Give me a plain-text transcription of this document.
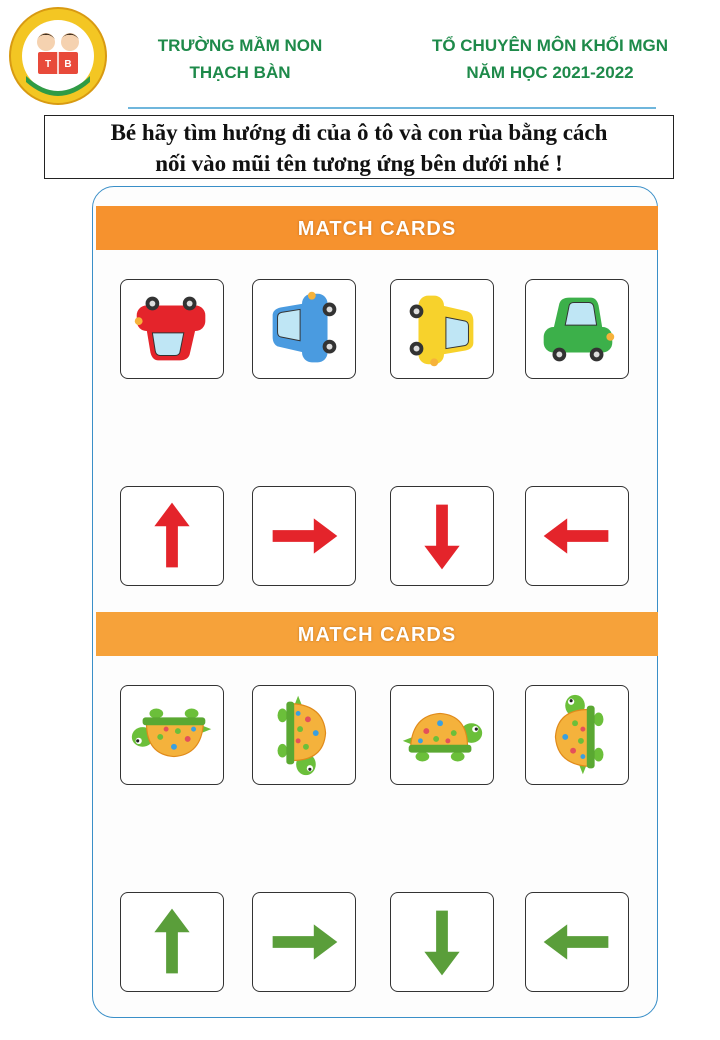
T B
TRƯỜNG MẦM NON
THẠCH BÀN
TỔ CHUYÊN MÔN KHỐI MGN
NĂM HỌC 2021-2022
Bé hãy tìm hướng đi của ô tô và con rùa bằng cách
nối vào mũi tên tương ứng bên dưới nhé !
MATCH CARDS
MATCH CARDS
